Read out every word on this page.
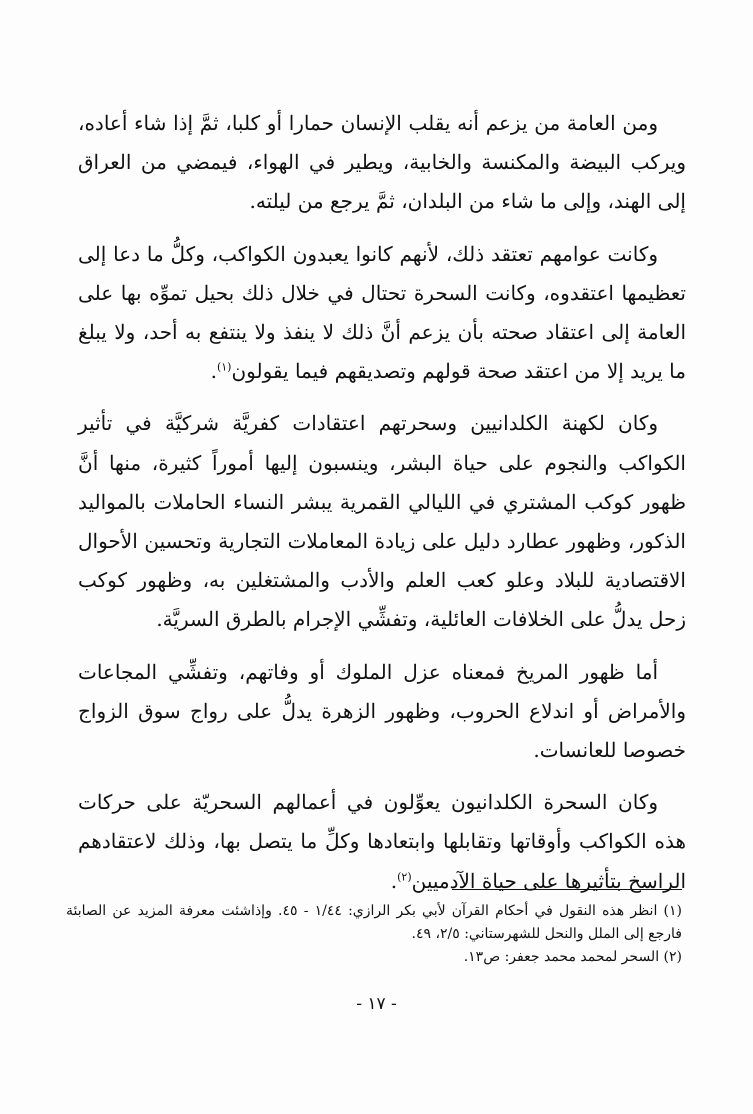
ومن العامة من يزعم أنه يقلب الإنسان حمارا أو كلبا، ثمَّ إذا شاء أعاده، ويركب البيضة والمكنسة والخابية، ويطير في الهواء، فيمضي من العراق إلى الهند، وإلى ما شاء من البلدان، ثمَّ يرجع من ليلته.

وكانت عوامهم تعتقد ذلك، لأنهم كانوا يعبدون الكواكب، وكلُّ ما دعا إلى تعظيمها اعتقدوه، وكانت السحرة تحتال في خلال ذلك بحيل تموِّه بها على العامة إلى اعتقاد صحته بأن يزعم أنَّ ذلك لا ينفذ ولا ينتفع به أحد، ولا يبلغ ما يريد إلا من اعتقد صحة قولهم وتصديقهم فيما يقولون$^{(١)}$.

وكان لكهنة الكلدانيين وسحرتهم اعتقادات كفريَّة شركيَّة في تأثير الكواكب والنجوم على حياة البشر، وينسبون إليها أموراً كثيرة، منها أنَّ ظهور كوكب المشتري في الليالي القمرية يبشر النساء الحاملات بالمواليد الذكور، وظهور عطارد دليل على زيادة المعاملات التجارية وتحسين الأحوال الاقتصادية للبلاد وعلو كعب العلم والأدب والمشتغلين به، وظهور كوكب زحل يدلُّ على الخلافات العائلية، وتفشِّي الإجرام بالطرق السريَّة.

أما ظهور المريخ فمعناه عزل الملوك أو وفاتهم، وتفشِّي المجاعات والأمراض أو اندلاع الحروب، وظهور الزهرة يدلُّ على رواج سوق الزواج خصوصا للعانسات.

وكان السحرة الكلدانيون يعوِّلون في أعمالهم السحريّة على حركات هذه الكواكب وأوقاتها وتقابلها وابتعادها وكلِّ ما يتصل بها، وذلك لاعتقادهم الراسخ بتأثيرها على حياة الآدميين$^{(٢)}$.

(١) انظر هذه النقول في أحكام القرآن لأبي بكر الرازي: ١/٤٤ - ٤٥. وإذاشئت معرفة المزيد عن الصابئة فارجع إلى الملل والنحل للشهرستاني: ٢/٥، ٤٩.

(٢) السحر لمحمد محمد جعفر: ص١٣.

- ١٧ -
